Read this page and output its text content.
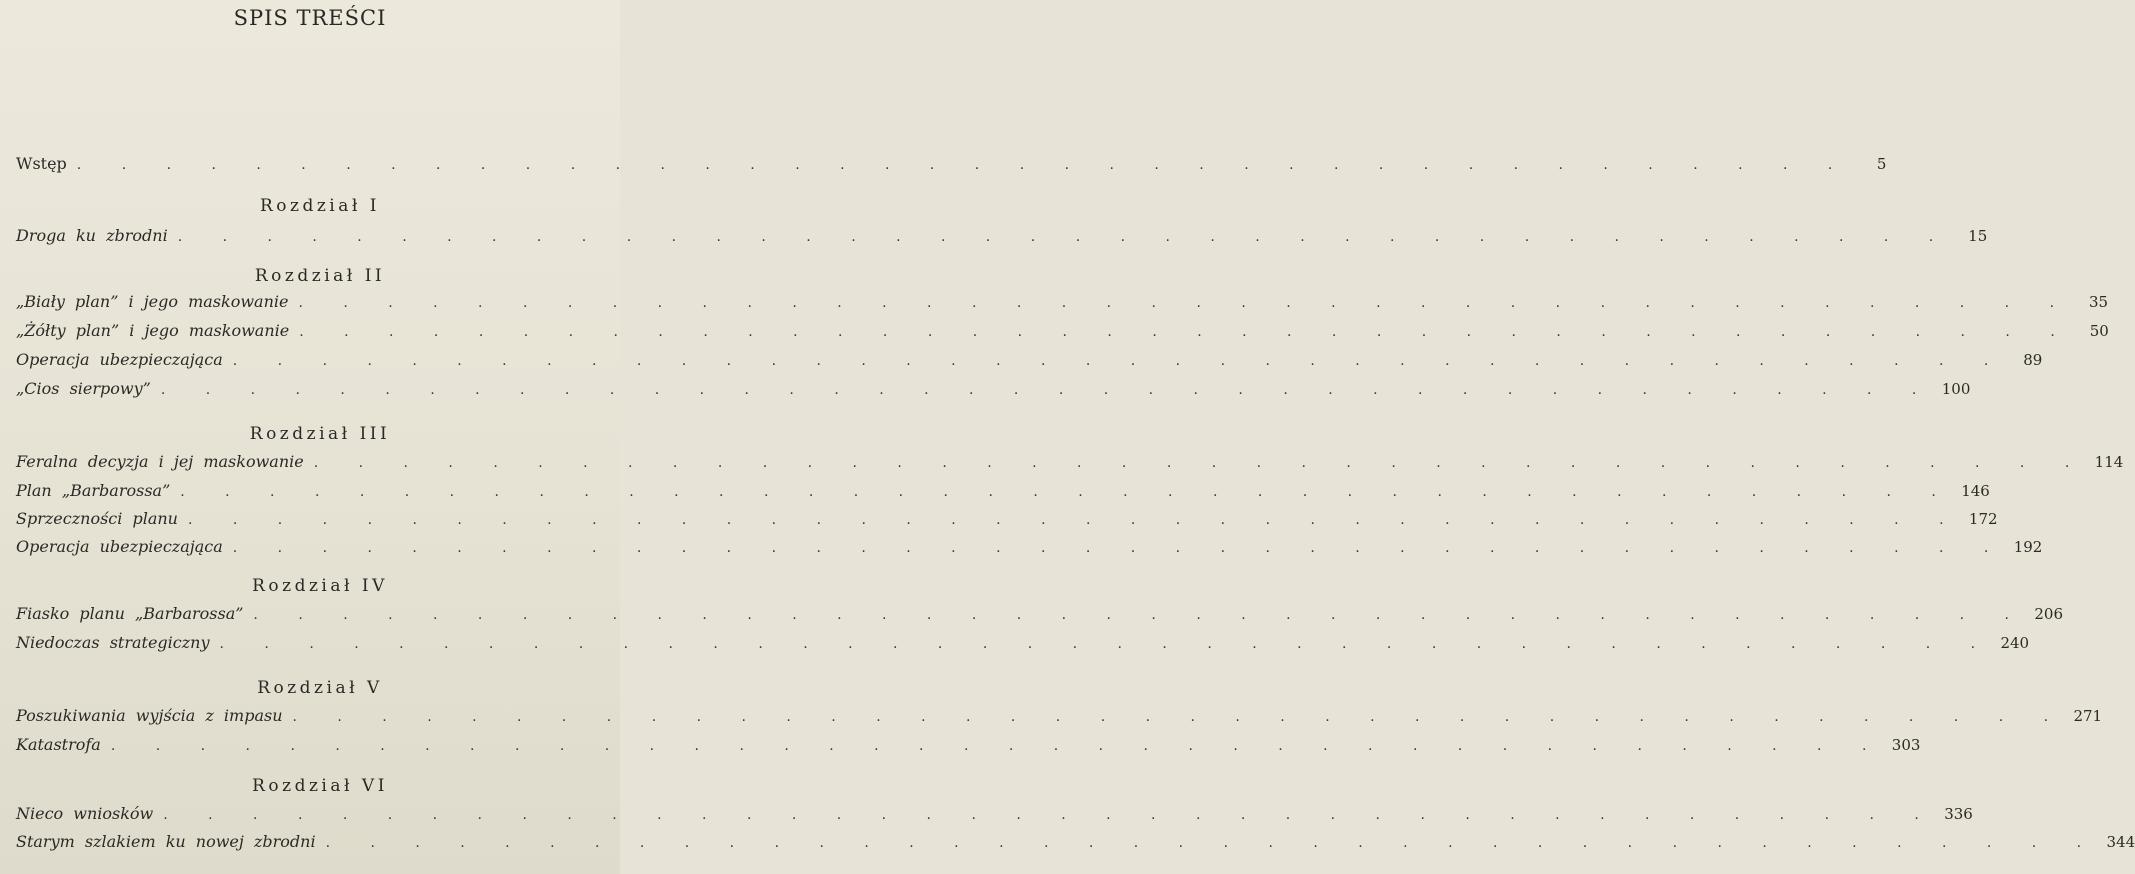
SPIS TREŚCI
Wstęp . . . . . . . . . . . . . . . . . . . . . . . . . . . . . . . . . . . . . . . .	5
Rozdział I
Droga ku zbrodni . . . . . . . . . . . . . . . . . . . . . . . . . . . . . . . . . . . . . . . .	15
Rozdział II
„Biały plan” i jego maskowanie . . . . . . . . . . . . . . . . . . . . . . . . . . . . . . . . . . . . . . . .	35
„Żółty plan” i jego maskowanie . . . . . . . . . . . . . . . . . . . . . . . . . . . . . . . . . . . . . . . .	50
Operacja ubezpieczająca . . . . . . . . . . . . . . . . . . . . . . . . . . . . . . . . . . . . . . . .	89
„Cios sierpowy” . . . . . . . . . . . . . . . . . . . . . . . . . . . . . . . . . . . . . . . . 100
Rozdział III
Feralna decyzja i jej maskowanie . . . . . . . . . . . . . . . . . . . . . . . . . . . . . . . . . . . . . . . . 114
Plan „Barbarossa” . . . . . . . . . . . . . . . . . . . . . . . . . . . . . . . . . . . . . . . . 146
Sprzeczności planu . . . . . . . . . . . . . . . . . . . . . . . . . . . . . . . . . . . . . . . . 172
Operacja ubezpieczająca . . . . . . . . . . . . . . . . . . . . . . . . . . . . . . . . . . . . . . . . 192
Rozdział IV
Fiasko planu „Barbarossa” . . . . . . . . . . . . . . . . . . . . . . . . . . . . . . . . . . . . . . . . 206
Niedoczas strategiczny . . . . . . . . . . . . . . . . . . . . . . . . . . . . . . . . . . . . . . . . 240
Rozdział V
Poszukiwania wyjścia z impasu . . . . . . . . . . . . . . . . . . . . . . . . . . . . . . . . . . . . . . . . 271
Katastrofa . . . . . . . . . . . . . . . . . . . . . . . . . . . . . . . . . . . . . . . . 303
Rozdział VI
Nieco wniosków . . . . . . . . . . . . . . . . . . . . . . . . . . . . . . . . . . . . . . . . 336
Starym szlakiem ku nowej zbrodni . . . . . . . . . . . . . . . . . . . . . . . . . . . . . . . . . . . . . . . . 344
